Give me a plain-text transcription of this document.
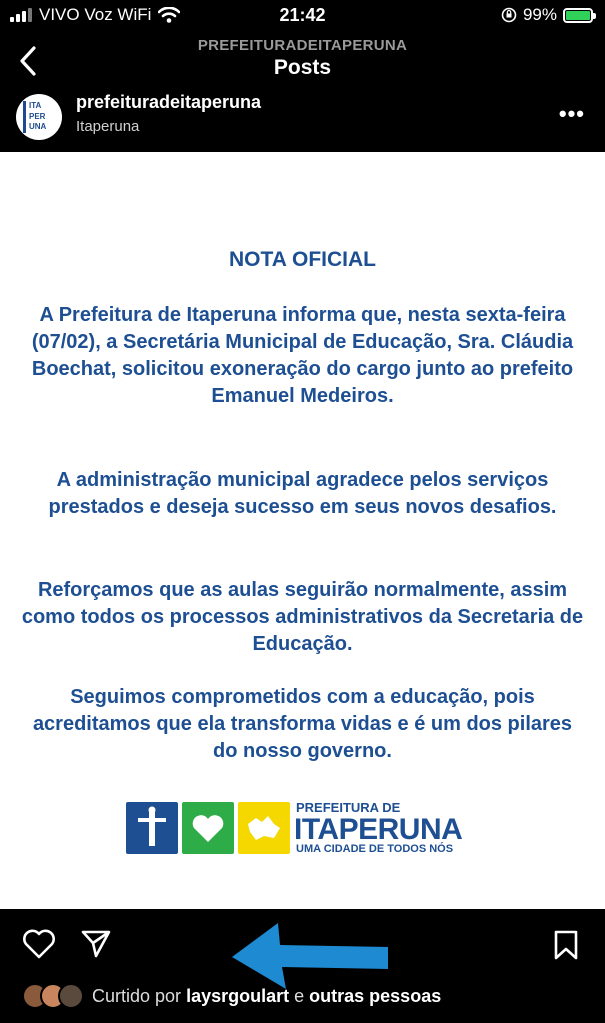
VIVO Voz WiFi	21:42	99%
PREFEITURADEITAPERUNA
Posts
ITA
PER
UNA
prefeituradeitaperuna
Itaperuna
•••
NOTA OFICIAL
A Prefeitura de Itaperuna informa que, nesta sexta-feira (07/02), a Secretária Municipal de Educação, Sra. Cláudia Boechat, solicitou exoneração do cargo junto ao prefeito Emanuel Medeiros.
A administração municipal agradece pelos serviços prestados e deseja sucesso em seus novos desafios.
Reforçamos que as aulas seguirão normalmente, assim como todos os processos administrativos da Secretaria de Educação.
Seguimos comprometidos com a educação, pois acreditamos que ela transforma vidas e é um dos pilares do nosso governo.
PREFEITURA DE
ITAPERUNA
UMA CIDADE DE TODOS NÓS
Curtido por
laysrgoulart
e
outras pessoas
